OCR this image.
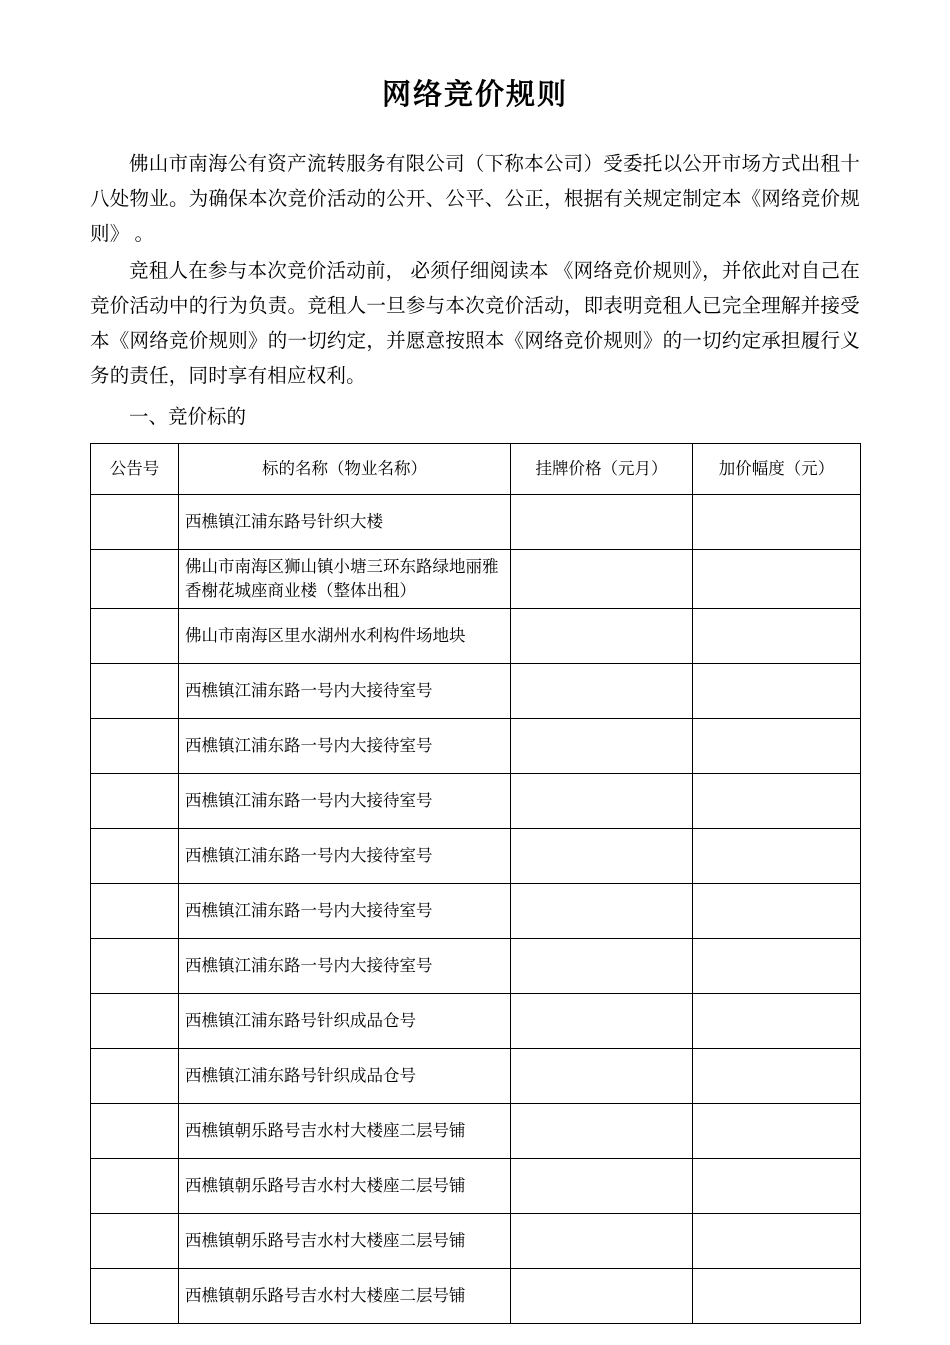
网络竞价规则

佛山市南海公有资产流转服务有限公司（下称本公司）受委托以公开市场方式出租十八处物业。为确保本次竞价活动的公开、公平、公正，根据有关规定制定本《网络竞价规则》 。

竞租人在参与本次竞价活动前， 必须仔细阅读本 《网络竞价规则》，并依此对自己在竞价活动中的行为负责。竞租人一旦参与本次竞价活动，即表明竞租人已完全理解并接受本《网络竞价规则》的一切约定，并愿意按照本《网络竞价规则》的一切约定承担履行义务的责任，同时享有相应权利。

一、竞价标的
公告号	标的名称（物业名称）	挂牌价格（元月）	加价幅度（元）
	西樵镇江浦东路号针织大楼		
	佛山市南海区狮山镇小塘三环东路绿地丽雅香榭花城座商业楼（整体出租）		
	佛山市南海区里水湖州水利构件场地块		
	西樵镇江浦东路一号内大接待室号		
	西樵镇江浦东路一号内大接待室号		
	西樵镇江浦东路一号内大接待室号		
	西樵镇江浦东路一号内大接待室号		
	西樵镇江浦东路一号内大接待室号		
	西樵镇江浦东路一号内大接待室号		
	西樵镇江浦东路号针织成品仓号		
	西樵镇江浦东路号针织成品仓号		
	西樵镇朝乐路号吉水村大楼座二层号铺		
	西樵镇朝乐路号吉水村大楼座二层号铺		
	西樵镇朝乐路号吉水村大楼座二层号铺		
	西樵镇朝乐路号吉水村大楼座二层号铺		
